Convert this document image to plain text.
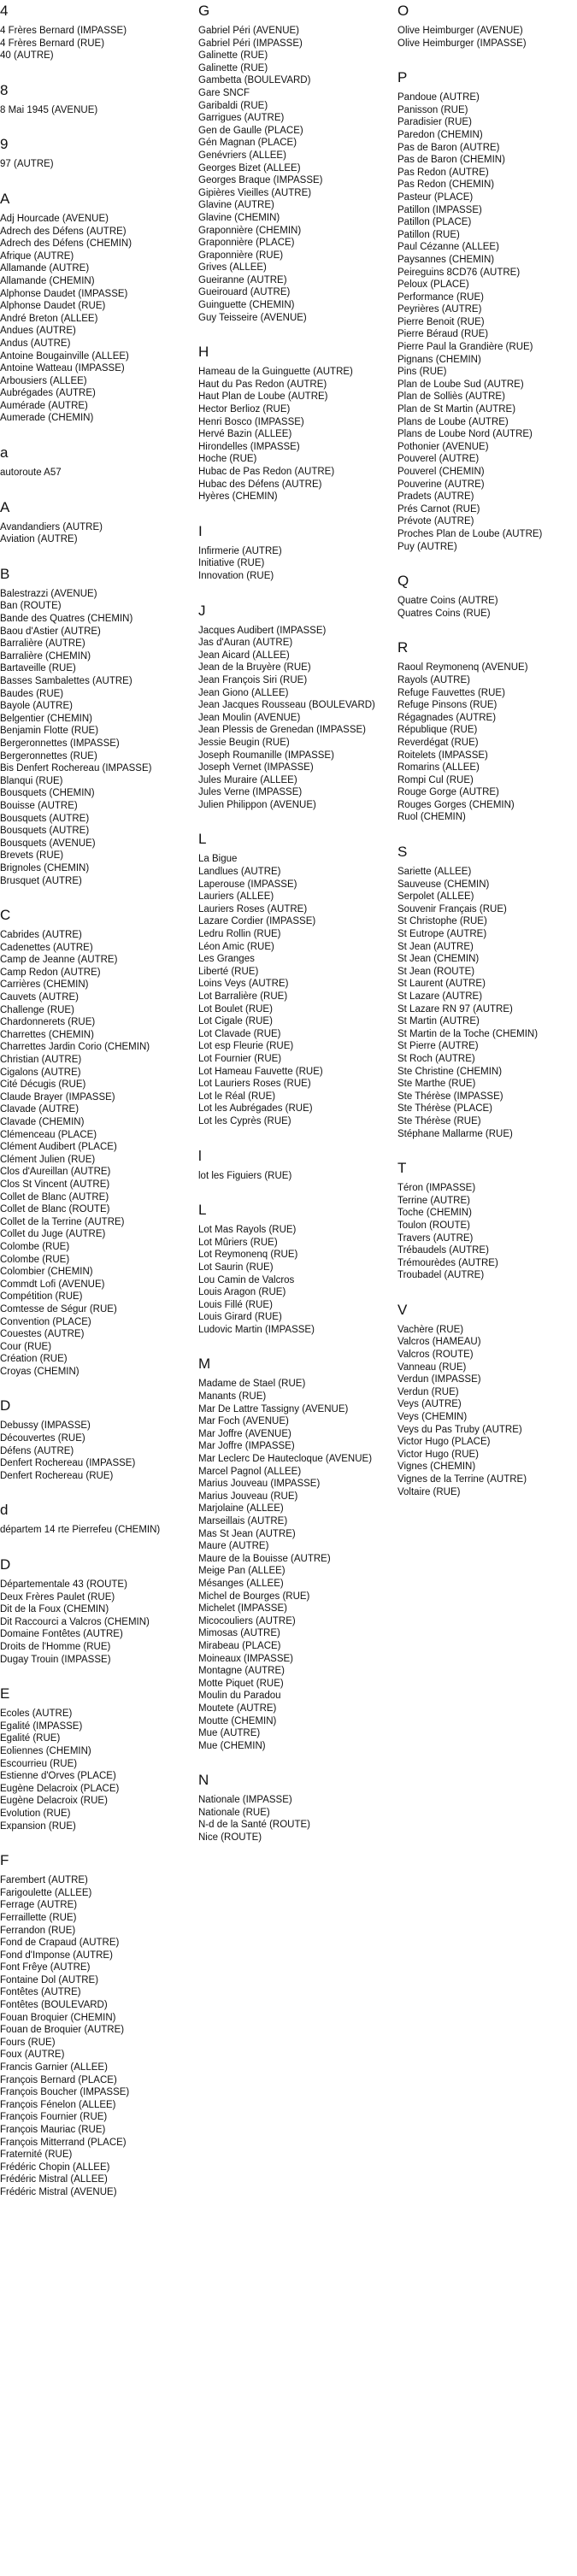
4
4 Frères Bernard (IMPASSE)
4 Frères Bernard (RUE)
40 (AUTRE)
8
8 Mai 1945 (AVENUE)
9
97 (AUTRE)
A
Adj Hourcade (AVENUE)
Adrech des Défens (AUTRE)
Adrech des Défens (CHEMIN)
Afrique (AUTRE)
Allamande (AUTRE)
Allamande (CHEMIN)
Alphonse Daudet (IMPASSE)
Alphonse Daudet (RUE)
André Breton (ALLEE)
Andues (AUTRE)
Andus (AUTRE)
Antoine Bougainville (ALLEE)
Antoine Watteau (IMPASSE)
Arbousiers (ALLEE)
Aubrégades (AUTRE)
Aumérade (AUTRE)
Aumerade (CHEMIN)
a
autoroute A57
A
Avandandiers (AUTRE)
Aviation (AUTRE)
B
Balestrazzi (AVENUE)
Ban (ROUTE)
Bande des Quatres (CHEMIN)
Baou d'Astier (AUTRE)
Barralière (AUTRE)
Barralière (CHEMIN)
Bartaveille (RUE)
Basses Sambalettes (AUTRE)
Baudes (RUE)
Bayole (AUTRE)
Belgentier (CHEMIN)
Benjamin Flotte (RUE)
Bergeronnettes (IMPASSE)
Bergeronnettes (RUE)
Bis Denfert Rochereau (IMPASSE)
Blanqui (RUE)
Bousquets (CHEMIN)
Bouisse (AUTRE)
Bousquets (AUTRE)
Bousquets (AUTRE)
Bousquets (AVENUE)
Brevets (RUE)
Brignoles (CHEMIN)
Brusquet (AUTRE)
C
Cabrides (AUTRE)
Cadenettes (AUTRE)
Camp de Jeanne (AUTRE)
Camp Redon (AUTRE)
Carrières (CHEMIN)
Cauvets (AUTRE)
Challenge (RUE)
Chardonnerets (RUE)
Charrettes (CHEMIN)
Charrettes Jardin Corio (CHEMIN)
Christian (AUTRE)
Cigalons (AUTRE)
Cité Décugis (RUE)
Claude Brayer (IMPASSE)
Clavade (AUTRE)
Clavade (CHEMIN)
Clémenceau (PLACE)
Clément Audibert (PLACE)
Clément Julien (RUE)
Clos d'Aureillan (AUTRE)
Clos St Vincent (AUTRE)
Collet de Blanc (AUTRE)
Collet de Blanc (ROUTE)
Collet de la Terrine (AUTRE)
Collet du Juge (AUTRE)
Colombe (RUE)
Colombe (RUE)
Colombier (CHEMIN)
Commdt Lofi (AVENUE)
Compétition (RUE)
Comtesse de Ségur (RUE)
Convention (PLACE)
Couestes (AUTRE)
Cour (RUE)
Création (RUE)
Croyas (CHEMIN)
D
Debussy (IMPASSE)
Découvertes (RUE)
Défens (AUTRE)
Denfert Rochereau (IMPASSE)
Denfert Rochereau (RUE)
d
départem 14 rte Pierrefeu (CHEMIN)
D
Départementale 43 (ROUTE)
Deux Frères Paulet (RUE)
Dit de la Foux (CHEMIN)
Dit Raccourci a Valcros (CHEMIN)
Domaine Fontêtes (AUTRE)
Droits de l'Homme (RUE)
Dugay Trouin (IMPASSE)
E
Ecoles (AUTRE)
Egalité (IMPASSE)
Egalité (RUE)
Eoliennes (CHEMIN)
Escourrieu (RUE)
Estienne d'Orves (PLACE)
Eugène Delacroix (PLACE)
Eugène Delacroix (RUE)
Evolution (RUE)
Expansion (RUE)
F
Farembert (AUTRE)
Farigoulette (ALLEE)
Ferrage (AUTRE)
Ferraillette (RUE)
Ferrandon (RUE)
Fond de Crapaud (AUTRE)
Fond d'Imponse (AUTRE)
Font Frêye (AUTRE)
Fontaine Dol (AUTRE)
Fontêtes (AUTRE)
Fontêtes (BOULEVARD)
Fouan Broquier (CHEMIN)
Fouan de Broquier (AUTRE)
Fours (RUE)
Foux (AUTRE)
Francis Garnier (ALLEE)
François Bernard (PLACE)
François Boucher (IMPASSE)
François Fénelon (ALLEE)
François Fournier (RUE)
François Mauriac (RUE)
François Mitterrand (PLACE)
Fraternité (RUE)
Frédéric Chopin (ALLEE)
Frédéric Mistral (ALLEE)
Frédéric Mistral (AVENUE)
G
Gabriel Péri (AVENUE)
Gabriel Péri (IMPASSE)
Galinette (RUE)
Galinette (RUE)
Gambetta (BOULEVARD)
Gare SNCF
Garibaldi (RUE)
Garrigues (AUTRE)
Gen de Gaulle (PLACE)
Gén Magnan (PLACE)
Genévriers (ALLEE)
Georges Bizet (ALLEE)
Georges Braque (IMPASSE)
Gipières Vieilles (AUTRE)
Glavine (AUTRE)
Glavine (CHEMIN)
Graponnière (CHEMIN)
Graponnière (PLACE)
Graponnière (RUE)
Grives (ALLEE)
Gueiranne (AUTRE)
Gueirouard (AUTRE)
Guinguette (CHEMIN)
Guy Teisseire (AVENUE)
H
Hameau de la Guinguette (AUTRE)
Haut du Pas Redon (AUTRE)
Haut Plan de Loube (AUTRE)
Hector Berlioz (RUE)
Henri Bosco (IMPASSE)
Hervé Bazin (ALLEE)
Hirondelles (IMPASSE)
Hoche (RUE)
Hubac de Pas Redon (AUTRE)
Hubac des Défens (AUTRE)
Hyères (CHEMIN)
I
Infirmerie (AUTRE)
Initiative (RUE)
Innovation (RUE)
J
Jacques Audibert (IMPASSE)
Jas d'Auran (AUTRE)
Jean Aicard (ALLEE)
Jean de la Bruyère (RUE)
Jean François Siri (RUE)
Jean Giono (ALLEE)
Jean Jacques Rousseau (BOULEVARD)
Jean Moulin (AVENUE)
Jean Plessis de Grenedan (IMPASSE)
Jessie Beugin (RUE)
Joseph Roumanille (IMPASSE)
Joseph Vernet (IMPASSE)
Jules Muraire (ALLEE)
Jules Verne (IMPASSE)
Julien Philippon (AVENUE)
L
La Bigue
Landlues (AUTRE)
Laperouse (IMPASSE)
Lauriers (ALLEE)
Lauriers Roses (AUTRE)
Lazare Cordier (IMPASSE)
Ledru Rollin (RUE)
Léon Amic (RUE)
Les Granges
Liberté (RUE)
Loins Veys (AUTRE)
Lot Barralière (RUE)
Lot Boulet (RUE)
Lot Cigale (RUE)
Lot Clavade (RUE)
Lot esp Fleurie (RUE)
Lot Fournier (RUE)
Lot Hameau Fauvette (RUE)
Lot Lauriers Roses (RUE)
Lot le Réal (RUE)
Lot les Aubrégades (RUE)
Lot les Cyprès (RUE)
l
lot les Figuiers (RUE)
L
Lot Mas Rayols (RUE)
Lot Mûriers (RUE)
Lot Reymonenq (RUE)
Lot Saurin (RUE)
Lou Camin de Valcros
Louis Aragon (RUE)
Louis Fillé (RUE)
Louis Girard (RUE)
Ludovic Martin (IMPASSE)
M
Madame de Stael (RUE)
Manants (RUE)
Mar De Lattre Tassigny (AVENUE)
Mar Foch (AVENUE)
Mar Joffre (AVENUE)
Mar Joffre (IMPASSE)
Mar Leclerc De Hautecloque (AVENUE)
Marcel Pagnol (ALLEE)
Marius Jouveau (IMPASSE)
Marius Jouveau (RUE)
Marjolaine (ALLEE)
Marseillais (AUTRE)
Mas St Jean (AUTRE)
Maure (AUTRE)
Maure de la Bouisse (AUTRE)
Meige Pan (ALLEE)
Mésanges (ALLEE)
Michel de Bourges (RUE)
Michelet (IMPASSE)
Micocouliers (AUTRE)
Mimosas (AUTRE)
Mirabeau (PLACE)
Moineaux (IMPASSE)
Montagne (AUTRE)
Motte Piquet (RUE)
Moulin du Paradou
Moutete (AUTRE)
Moutte (CHEMIN)
Mue (AUTRE)
Mue (CHEMIN)
N
Nationale (IMPASSE)
Nationale (RUE)
N-d de la Santé (ROUTE)
Nice (ROUTE)
O
Olive Heimburger (AVENUE)
Olive Heimburger (IMPASSE)
P
Pandoue (AUTRE)
Panisson (RUE)
Paradisier (RUE)
Paredon (CHEMIN)
Pas de Baron (AUTRE)
Pas de Baron (CHEMIN)
Pas Redon (AUTRE)
Pas Redon (CHEMIN)
Pasteur (PLACE)
Patillon (IMPASSE)
Patillon (PLACE)
Patillon (RUE)
Paul Cézanne (ALLEE)
Paysannes (CHEMIN)
Peireguins 8CD76 (AUTRE)
Peloux (PLACE)
Performance (RUE)
Peyrières (AUTRE)
Pierre Benoit (RUE)
Pierre Béraud (RUE)
Pierre Paul la Grandière (RUE)
Pignans (CHEMIN)
Pins (RUE)
Plan de Loube Sud (AUTRE)
Plan de Solliès (AUTRE)
Plan de St Martin (AUTRE)
Plans de Loube (AUTRE)
Plans de Loube Nord (AUTRE)
Pothonier (AVENUE)
Pouverel (AUTRE)
Pouverel (CHEMIN)
Pouverine (AUTRE)
Pradets (AUTRE)
Prés Carnot (RUE)
Prévote (AUTRE)
Proches Plan de Loube (AUTRE)
Puy (AUTRE)
Q
Quatre Coins (AUTRE)
Quatres Coins (RUE)
R
Raoul Reymonenq (AVENUE)
Rayols (AUTRE)
Refuge Fauvettes (RUE)
Refuge Pinsons (RUE)
Régagnades (AUTRE)
République (RUE)
Reverdégat (RUE)
Roitelets (IMPASSE)
Romarins (ALLEE)
Rompi Cul (RUE)
Rouge Gorge (AUTRE)
Rouges Gorges (CHEMIN)
Ruol (CHEMIN)
S
Sariette (ALLEE)
Sauveuse (CHEMIN)
Serpolet (ALLEE)
Souvenir Français (RUE)
St Christophe (RUE)
St Eutrope (AUTRE)
St Jean (AUTRE)
St Jean (CHEMIN)
St Jean (ROUTE)
St Laurent (AUTRE)
St Lazare (AUTRE)
St Lazare RN 97 (AUTRE)
St Martin (AUTRE)
St Martin de la Toche (CHEMIN)
St Pierre (AUTRE)
St Roch (AUTRE)
Ste Christine (CHEMIN)
Ste Marthe (RUE)
Ste Thérèse (IMPASSE)
Ste Thérèse (PLACE)
Ste Thérèse (RUE)
Stéphane Mallarme (RUE)
T
Téron (IMPASSE)
Terrine (AUTRE)
Toche (CHEMIN)
Toulon (ROUTE)
Travers (AUTRE)
Trébaudels (AUTRE)
Trémourèdes (AUTRE)
Troubadel (AUTRE)
V
Vachère (RUE)
Valcros (HAMEAU)
Valcros (ROUTE)
Vanneau (RUE)
Verdun (IMPASSE)
Verdun (RUE)
Veys (AUTRE)
Veys (CHEMIN)
Veys du Pas Truby (AUTRE)
Victor Hugo (PLACE)
Victor Hugo (RUE)
Vignes (CHEMIN)
Vignes de la Terrine (AUTRE)
Voltaire (RUE)
